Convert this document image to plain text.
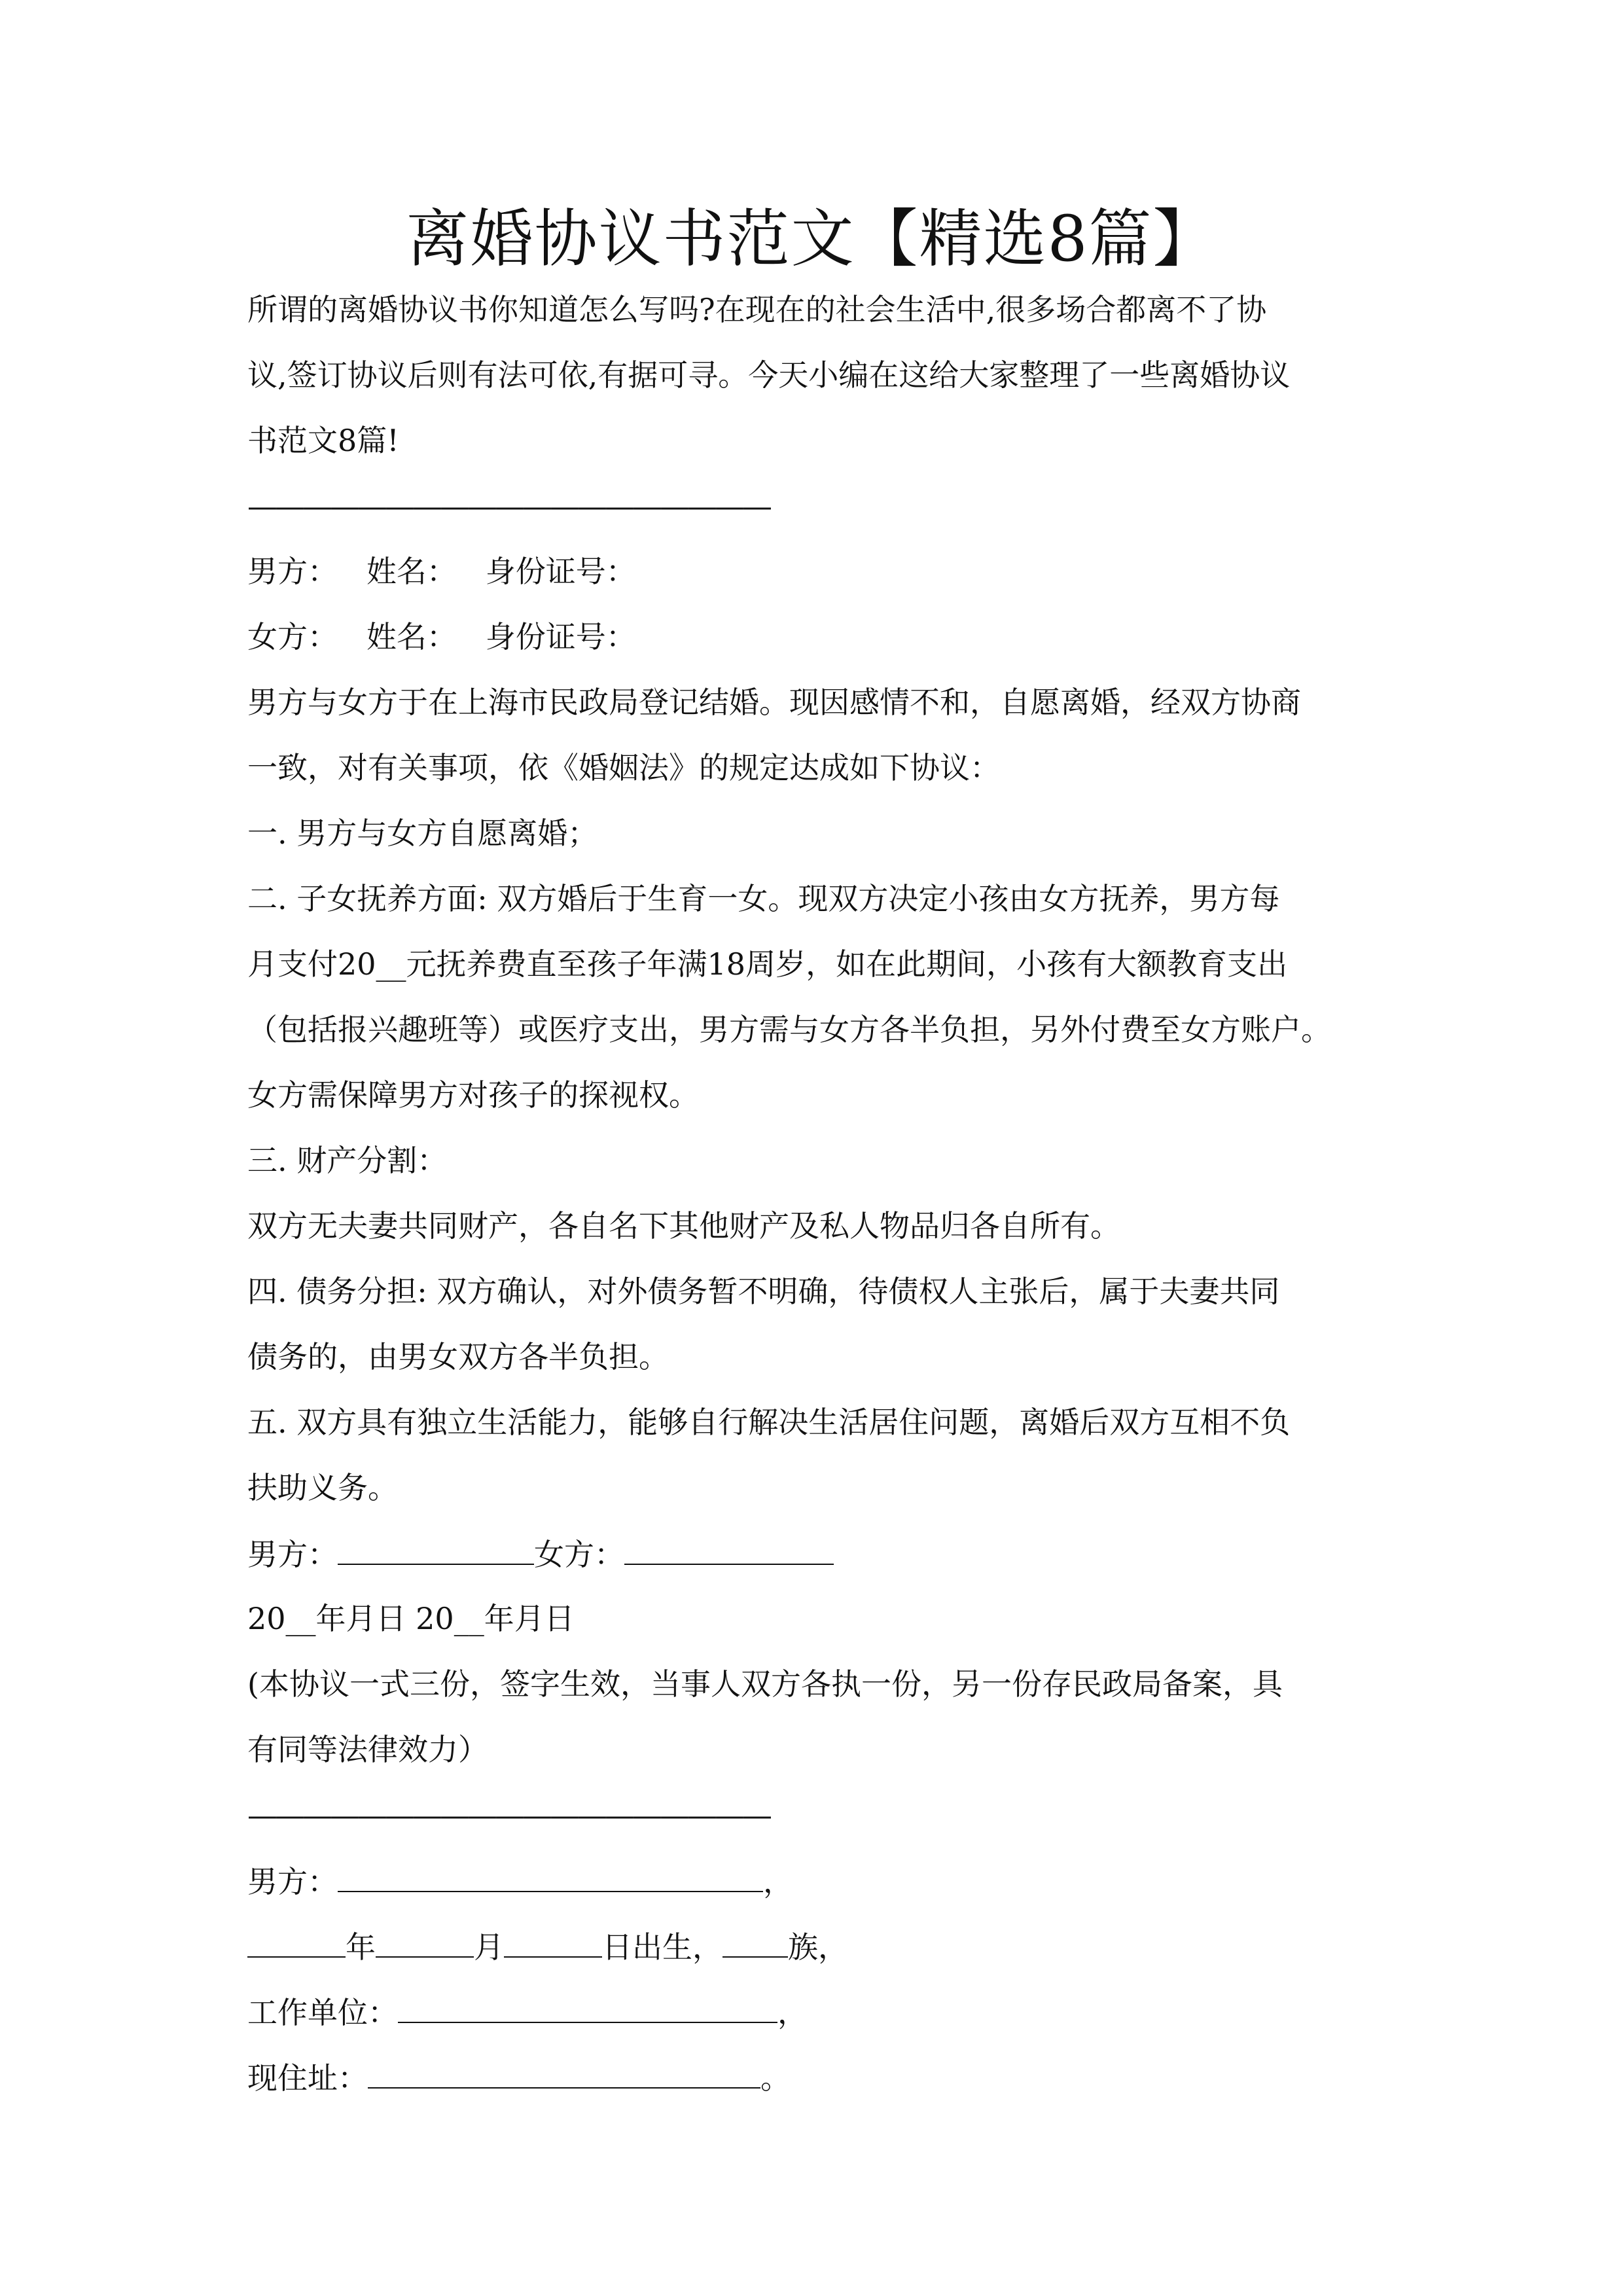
离婚协议书范文【精选8篇】

所谓的离婚协议书你知道怎么写吗?在现在的社会生活中,很多场合都离不了协

议,签订协议后则有法可依,有据可寻。今天小编在这给大家整理了一些离婚协议

书范文8篇!

———————————————————

男方：   姓名：   身份证号：

女方：   姓名：   身份证号：

男方与女方于在上海市民政局登记结婚。现因感情不和，自愿离婚，经双方协商

一致，对有关事项，依《婚姻法》的规定达成如下协议：

一. 男方与女方自愿离婚；

二. 子女抚养方面: 双方婚后于生育一女。现双方决定小孩由女方抚养，男方每

月支付20__元抚养费直至孩子年满18周岁，如在此期间，小孩有大额教育支出

（包括报兴趣班等）或医疗支出，男方需与女方各半负担，另外付费至女方账户。

女方需保障男方对孩子的探视权。

三. 财产分割：

双方无夫妻共同财产，各自名下其他财产及私人物品归各自所有。

四. 债务分担: 双方确认，对外债务暂不明确，待债权人主张后，属于夫妻共同

债务的，由男女双方各半负担。

五. 双方具有独立生活能力，能够自行解决生活居住问题，离婚后双方互相不负

扶助义务。

男方：	女方：

20__年月日 20__年月日

(本协议一式三份，签字生效，当事人双方各执一份，另一份存民政局备案，具

有同等法律效力）

———————————————————

男方：	，

年	月	日出生， 族，

工作单位：	，

现住址：	。
